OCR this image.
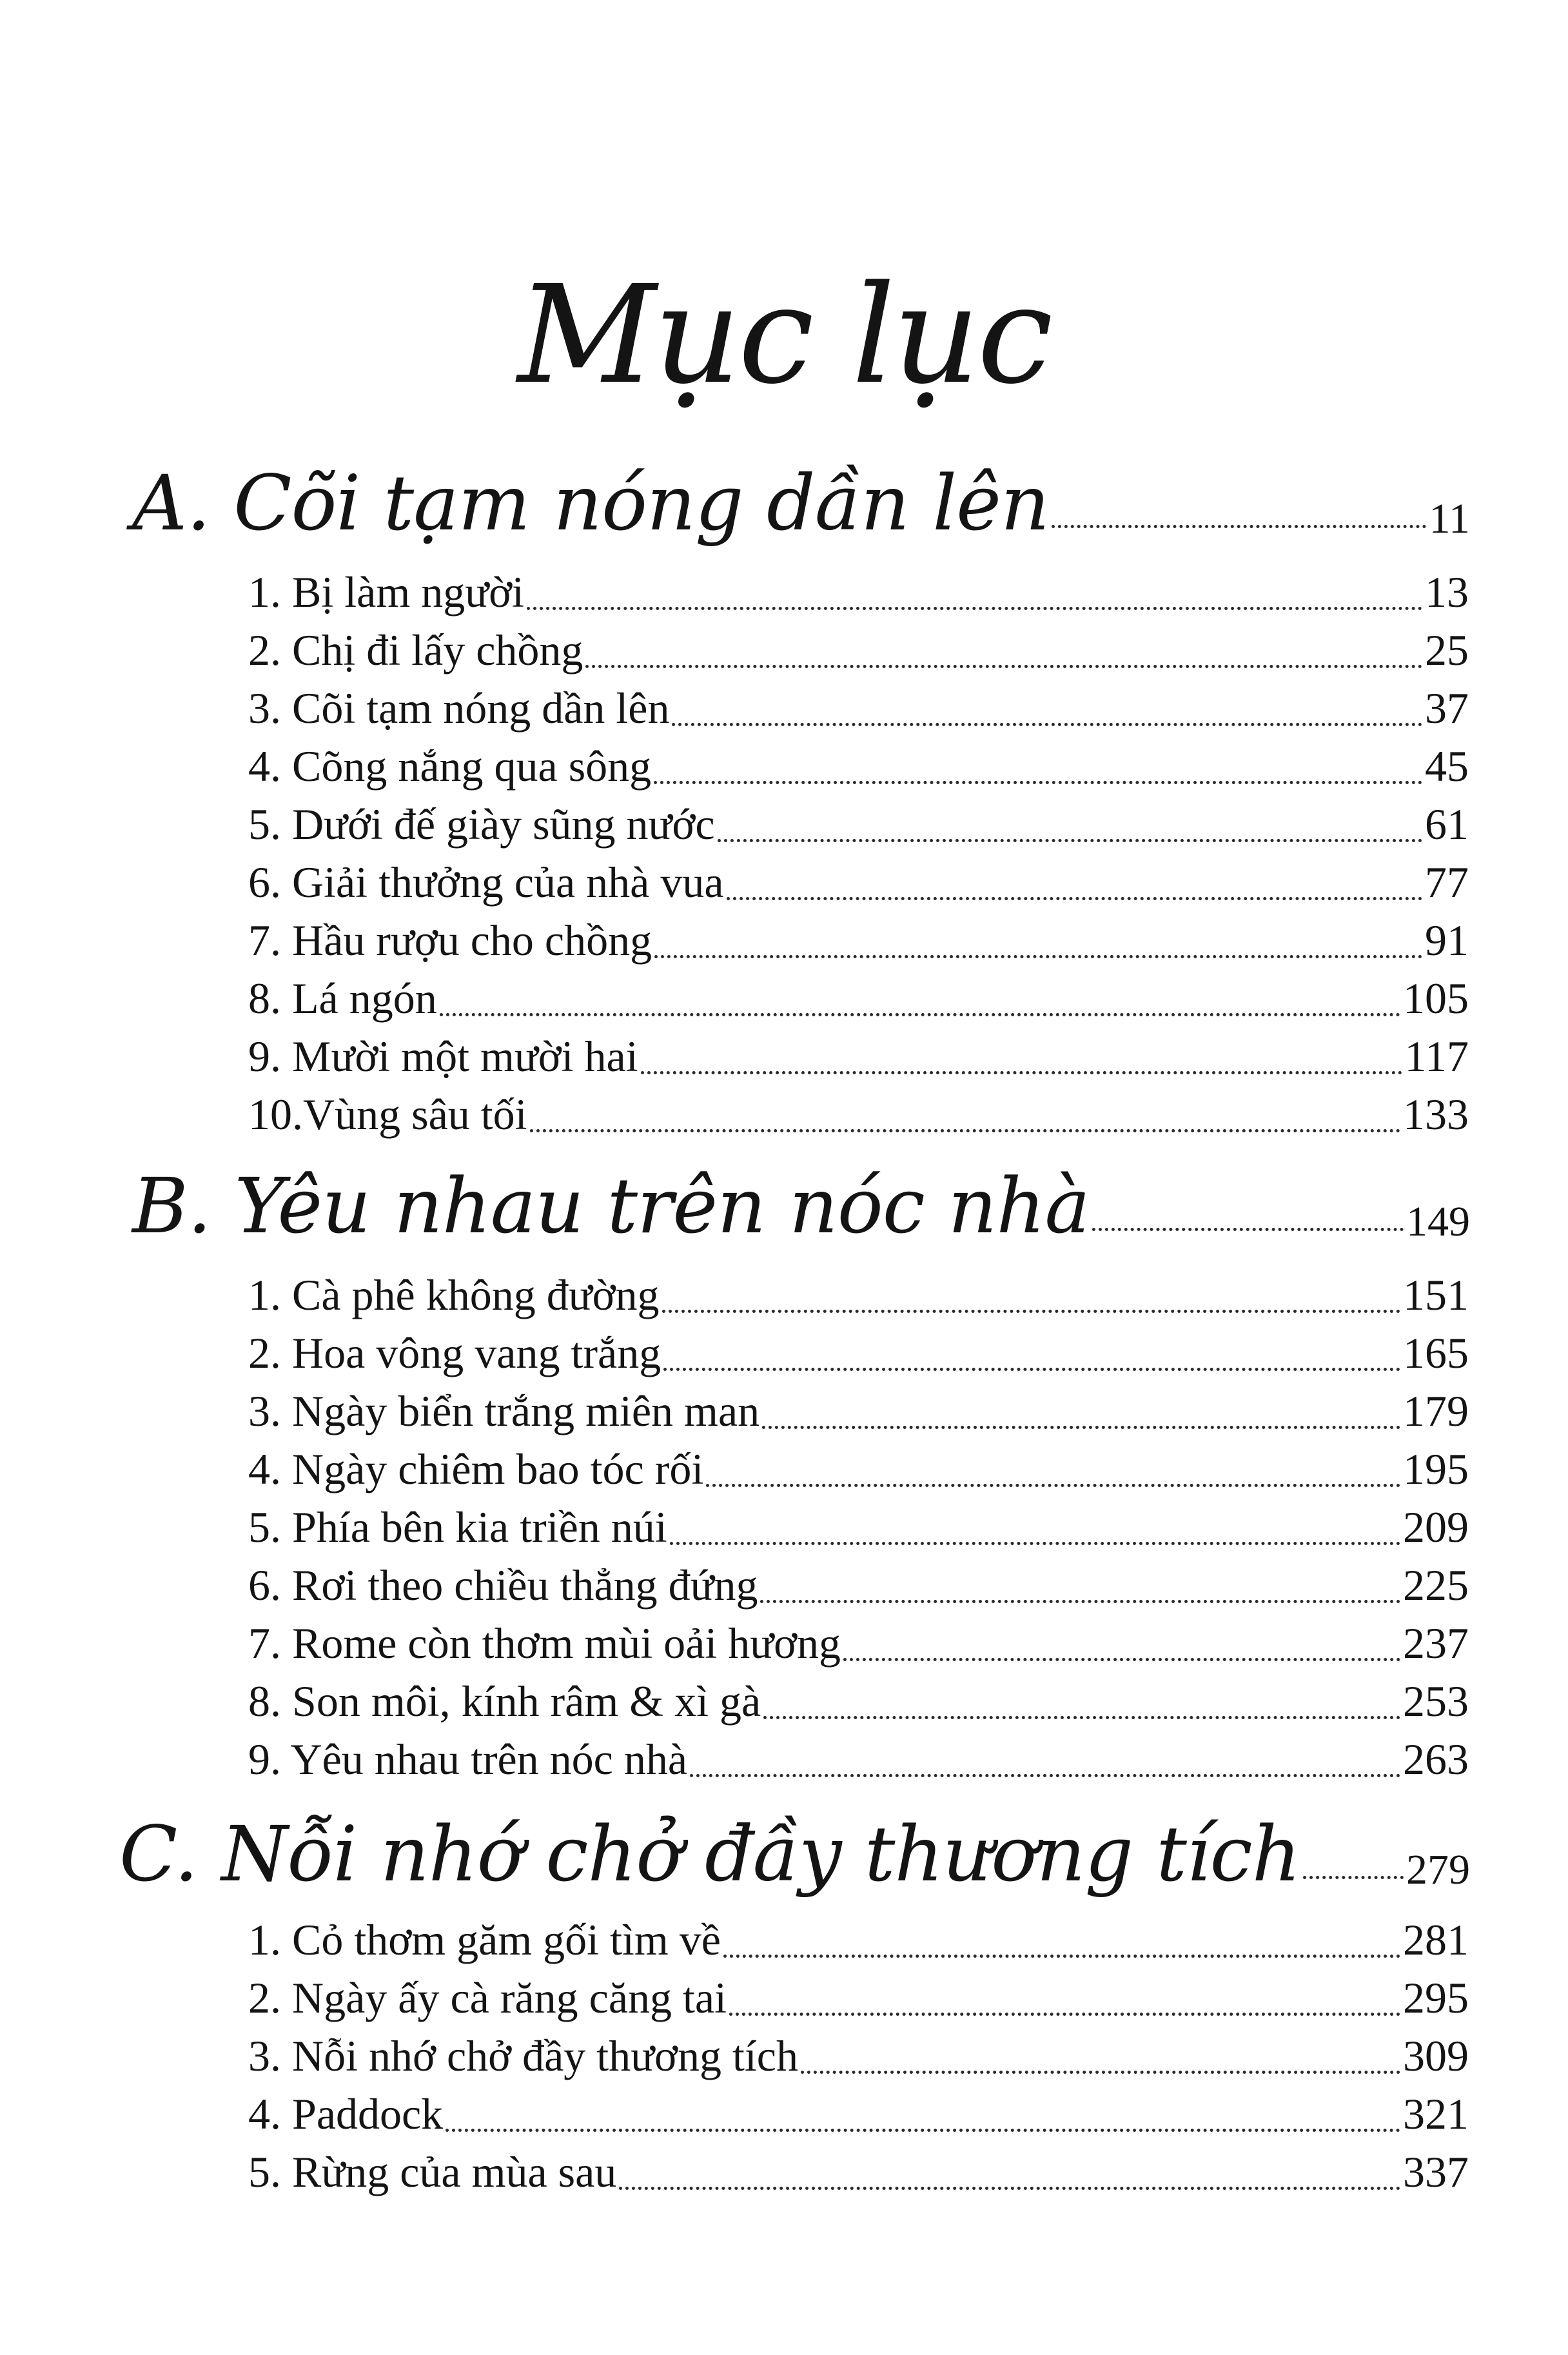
Mục lục
A. Cõi tạm nóng dần lên	11
1. Bị làm người	13
2. Chị đi lấy chồng	25
3. Cõi tạm nóng dần lên	37
4. Cõng nắng qua sông	45
5. Dưới đế giày sũng nước	61
6. Giải thưởng của nhà vua	77
7. Hầu rượu cho chồng	91
8. Lá ngón	105
9. Mười một mười hai	117
10.Vùng sâu tối	133
B. Yêu nhau trên nóc nhà	149
1. Cà phê không đường	151
2. Hoa vông vang trắng	165
3. Ngày biển trắng miên man	179
4. Ngày chiêm bao tóc rối	195
5. Phía bên kia triền núi	209
6. Rơi theo chiều thẳng đứng	225
7. Rome còn thơm mùi oải hương	237
8. Son môi, kính râm & xì gà	253
9. Yêu nhau trên nóc nhà	263
C. Nỗi nhớ chở đầy thương tích 279
1. Cỏ thơm găm gối tìm về	281
2. Ngày ấy cà răng căng tai	295
3. Nỗi nhớ chở đầy thương tích	309
4. Paddock	321
5. Rừng của mùa sau	337
